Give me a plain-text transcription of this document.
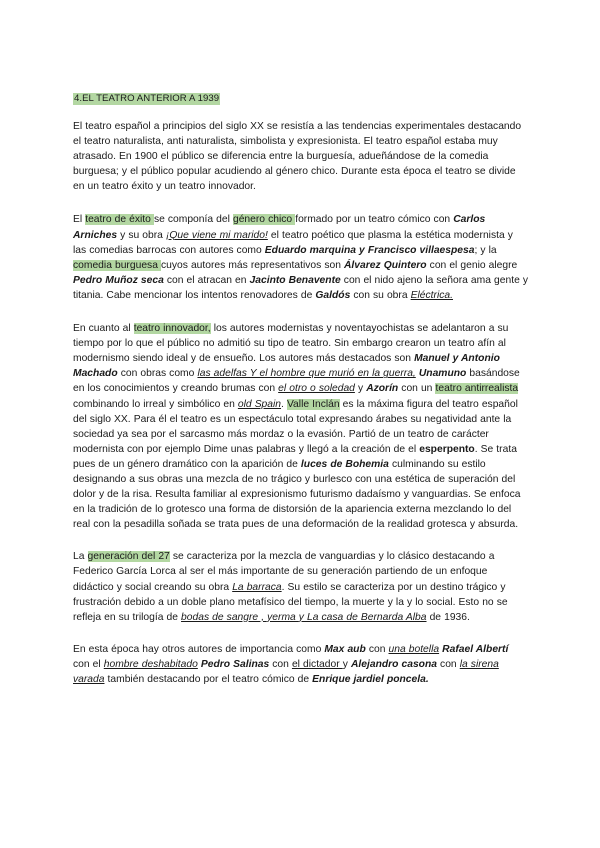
4.EL TEATRO ANTERIOR A 1939

El teatro español a principios del siglo XX se resistía a las tendencias experimentales destacando el teatro naturalista, anti naturalista, simbolista y expresionista. El teatro español estaba muy atrasado. En 1900 el público se diferencia entre la burguesía, adueñándose de la comedia burguesa; y el público popular acudiendo al género chico. Durante esta época el teatro se divide en un teatro éxito y un teatro innovador.

El teatro de éxito se componía del género chico formado por un teatro cómico con Carlos Arniches y su obra ¡Que viene mi marido! el teatro poético que plasma la estética modernista y las comedias barrocas con autores como Eduardo marquina y Francisco villaespesa; y la comedia burguesa cuyos autores más representativos son Álvarez Quintero con el genio alegre Pedro Muñoz seca con el atracan en Jacinto Benavente con el nido ajeno la señora ama gente y titania. Cabe mencionar los intentos renovadores de Galdós con su obra Eléctrica.

En cuanto al teatro innovador, los autores modernistas y noventayochistas se adelantaron a su tiempo por lo que el público no admitió su tipo de teatro. Sin embargo crearon un teatro afín al modernismo siendo ideal y de ensueño. Los autores más destacados son Manuel y Antonio Machado con obras como las adelfas Y el hombre que murió en la guerra, Unamuno basándose en los conocimientos y creando brumas con el otro o soledad y Azorín con un teatro antirrealista combinando lo irreal y simbólico en old Spain. Valle Inclán es la máxima figura del teatro español del siglo XX. Para él el teatro es un espectáculo total expresando árabes su negatividad ante la sociedad ya sea por el sarcasmo más mordaz o la evasión. Partió de un teatro de carácter modernista con por ejemplo Dime unas palabras y llegó a la creación de el esperpento. Se trata pues de un género dramático con la aparición de luces de Bohemia culminando su estilo designando a sus obras una mezcla de no trágico y burlesco con una estética de superación del dolor y de la risa. Resulta familiar al expresionismo futurismo dadaísmo y vanguardias. Se enfoca en la tradición de lo grotesco una forma de distorsión de la apariencia externa mezclando lo del real con la pesadilla soñada se trata pues de una deformación de la realidad grotesca y absurda.

La generación del 27 se caracteriza por la mezcla de vanguardias y lo clásico destacando a Federico García Lorca al ser el más importante de su generación partiendo de un enfoque didáctico y social creando su obra La barraca. Su estilo se caracteriza por un destino trágico y frustración debido a un doble plano metafísico del tiempo, la muerte y la y lo social. Esto no se refleja en su trilogía de bodas de sangre , yerma y La casa de Bernarda Alba de 1936.

En esta época hay otros autores de importancia como Max aub con una botella Rafael Albertí con el hombre deshabitado Pedro Salinas con el dictador y Alejandro casona con la sirena varada también destacando por el teatro cómico de Enrique jardiel poncela.
